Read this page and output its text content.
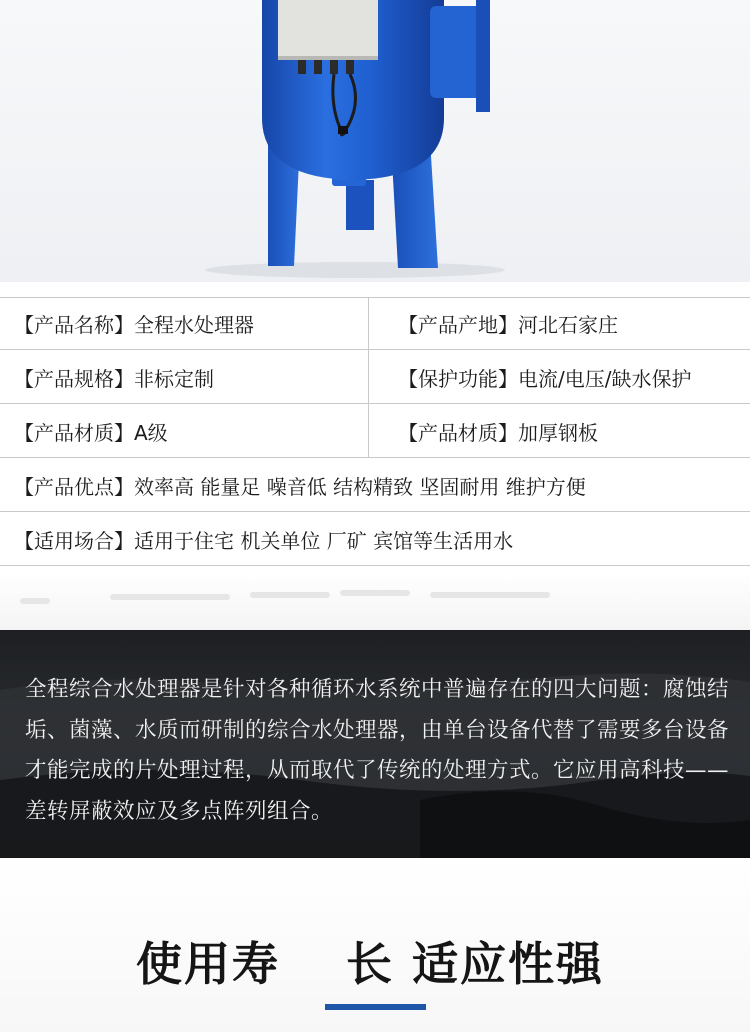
【产品名称】全程水处理器	【产品产地】河北石家庄
【产品规格】非标定制	【保护功能】电流/电压/缺水保护
【产品材质】A级	【产品材质】加厚钢板
【产品优点】效率高 能量足 噪音低 结构精致 坚固耐用 维护方便
【适用场合】适用于住宅 机关单位 厂矿 宾馆等生活用水

全程综合水处理器是针对各种循环水系统中普遍存在的四大问题：腐蚀结垢、菌藻、水质而研制的综合水处理器，由单台设备代替了需要多台设备才能完成的片处理过程，从而取代了传统的处理方式。它应用高科技——差转屏蔽效应及多点阵列组合。

使用寿 长 适应性强
